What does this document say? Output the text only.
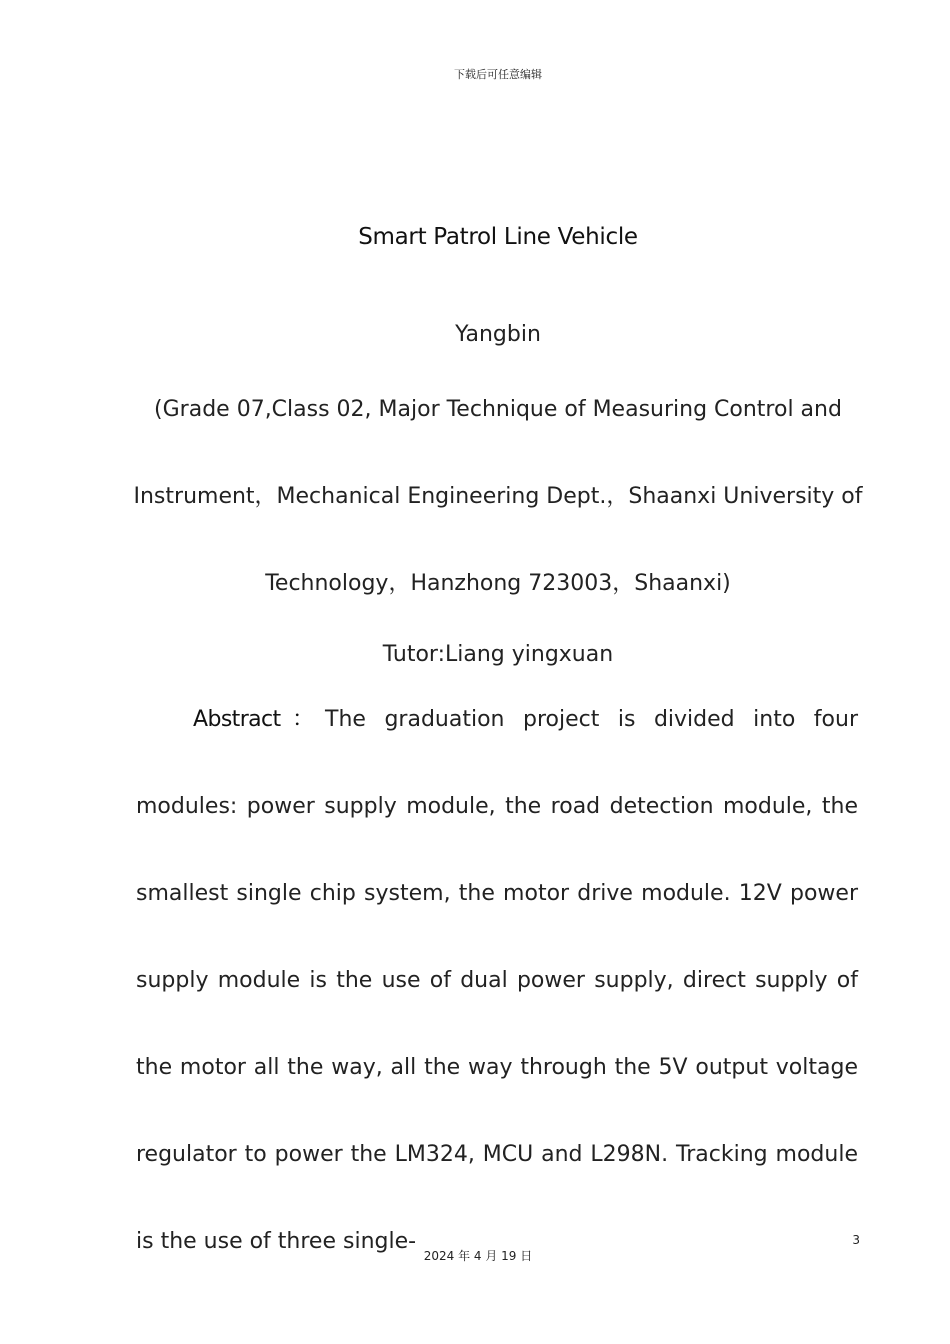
下载后可任意编辑
Smart Patrol Line Vehicle
Yangbin
(Grade 07,Class 02, Major Technique of Measuring Control and Instrument，Mechanical Engineering Dept.，Shaanxi University of Technology，Hanzhong 723003，Shaanxi)
Tutor:Liang yingxuan

Abstract：The graduation project is divided into four modules: power supply module, the road detection module, the smallest single chip system, the motor drive module. 12V power supply module is the use of dual power supply, direct supply of the motor all the way, all the way through the 5V output voltage regulator to power the LM324, MCU and L298N. Tracking module is the use of three single-	3
2024 年 4 月 19 日
